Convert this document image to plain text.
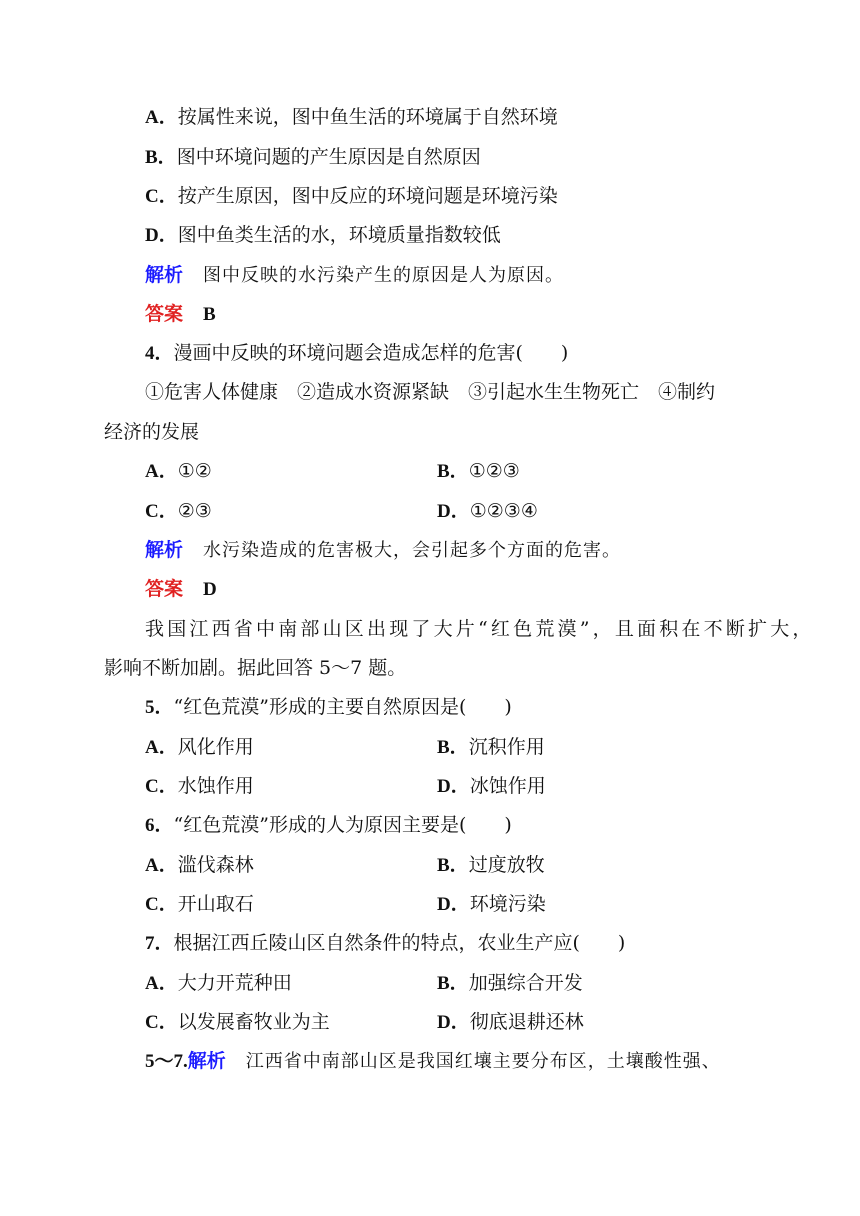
A．按属性来说，图中鱼生活的环境属于自然环境
B．图中环境问题的产生原因是自然原因
C．按产生原因，图中反应的环境问题是环境污染
D．图中鱼类生活的水，环境质量指数较低
解析 图中反映的水污染产生的原因是人为原因。
答案 B
4．漫画中反映的环境问题会造成怎样的危害(　　)
①危害人体健康　②造成水资源紧缺　③引起水生生物死亡　④制约
经济的发展
A．①②	B．①②③
C．②③	D．①②③④
解析 水污染造成的危害极大，会引起多个方面的危害。
答案 D
我国江西省中南部山区出现了大片“红色荒漠”，且面积在不断扩大，
影响不断加剧。据此回答 5～7 题。
5．“红色荒漠”形成的主要自然原因是(　　)
A．风化作用	B．沉积作用
C．水蚀作用	D．冰蚀作用
6．“红色荒漠”形成的人为原因主要是(　　)
A．滥伐森林	B．过度放牧
C．开山取石	D．环境污染
7．根据江西丘陵山区自然条件的特点，农业生产应(　　)
A．大力开荒种田	B．加强综合开发
C．以发展畜牧业为主	D．彻底退耕还林
5～7.解析 江西省中南部山区是我国红壤主要分布区，土壤酸性强、
